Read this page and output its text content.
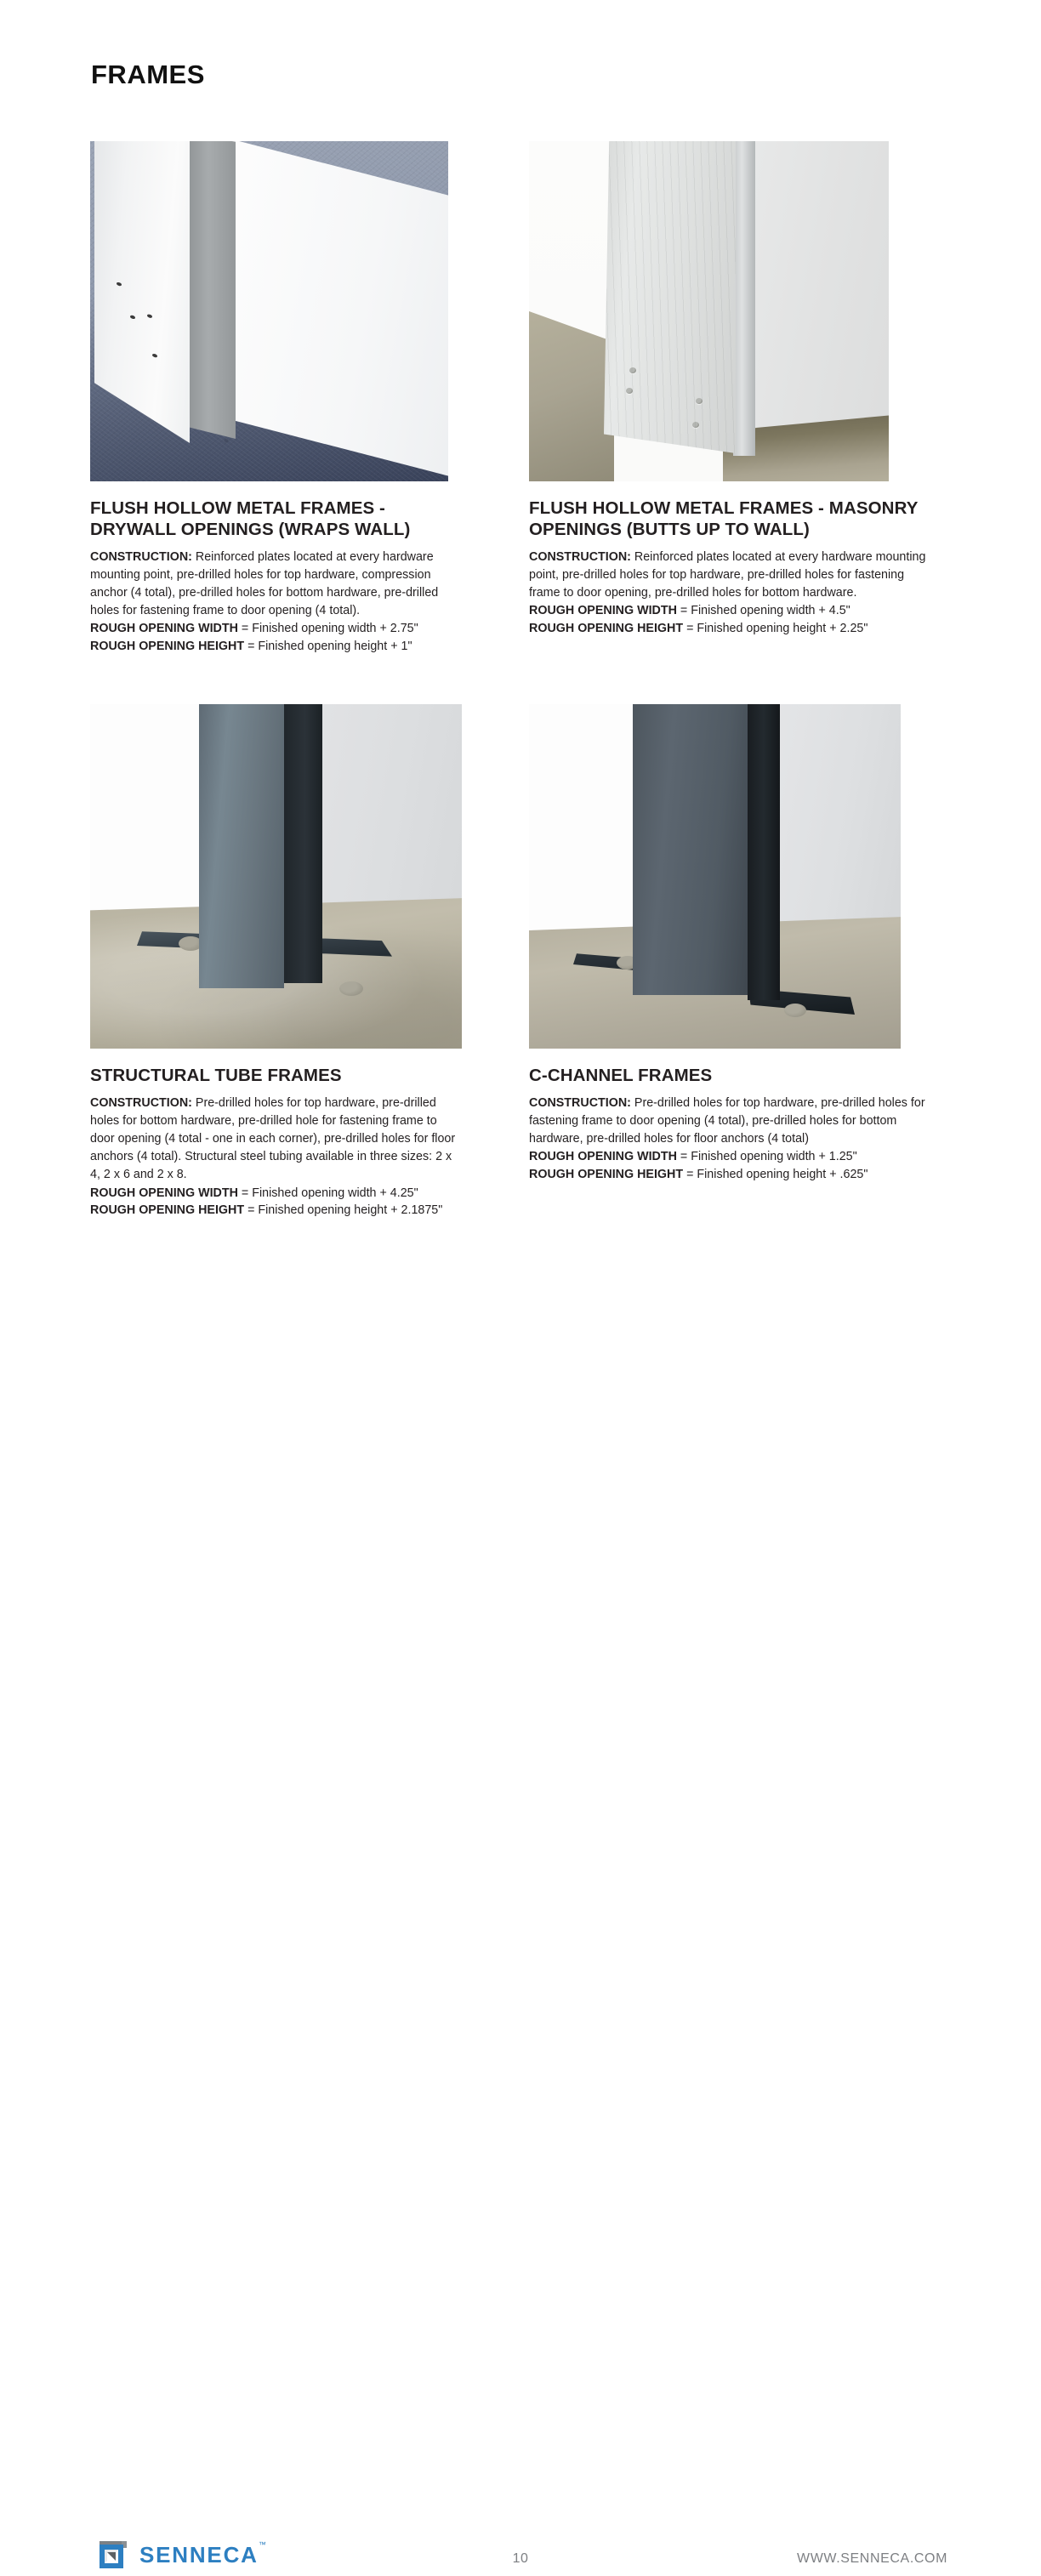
FRAMES
FLUSH HOLLOW METAL FRAMES - DRYWALL OPENINGS (WRAPS WALL)
CONSTRUCTION: Reinforced plates located at every hardware mounting point, pre-drilled holes for top hardware, compression anchor (4 total), pre-drilled holes for bottom hardware, pre-drilled holes for fastening frame to door opening (4 total).
ROUGH OPENING WIDTH = Finished opening width + 2.75"
ROUGH OPENING HEIGHT = Finished opening height + 1"
FLUSH HOLLOW METAL FRAMES - MASONRY OPENINGS (BUTTS UP TO WALL)
CONSTRUCTION: Reinforced plates located at every hardware mounting point, pre-drilled holes for top hardware, pre-drilled holes for fastening frame to door opening, pre-drilled holes for bottom hardware.
ROUGH OPENING WIDTH = Finished opening width + 4.5"
ROUGH OPENING HEIGHT = Finished opening height + 2.25"
STRUCTURAL TUBE FRAMES
CONSTRUCTION: Pre-drilled holes for top hardware, pre-drilled holes for bottom hardware, pre-drilled hole for fastening frame to door opening (4 total - one in each corner), pre-drilled holes for floor anchors (4 total). Structural steel tubing available in three sizes: 2 x 4, 2 x 6 and 2 x 8.
ROUGH OPENING WIDTH = Finished opening width + 4.25"
ROUGH OPENING HEIGHT = Finished opening height + 2.1875"
C-CHANNEL FRAMES
CONSTRUCTION: Pre-drilled holes for top hardware, pre-drilled holes for fastening frame to door opening (4 total), pre-drilled holes for bottom hardware, pre-drilled holes for floor anchors (4 total)
ROUGH OPENING WIDTH = Finished opening width + 1.25"
ROUGH OPENING HEIGHT = Finished opening height + .625"
SENNECA ™
10	WWW.SENNECA.COM
